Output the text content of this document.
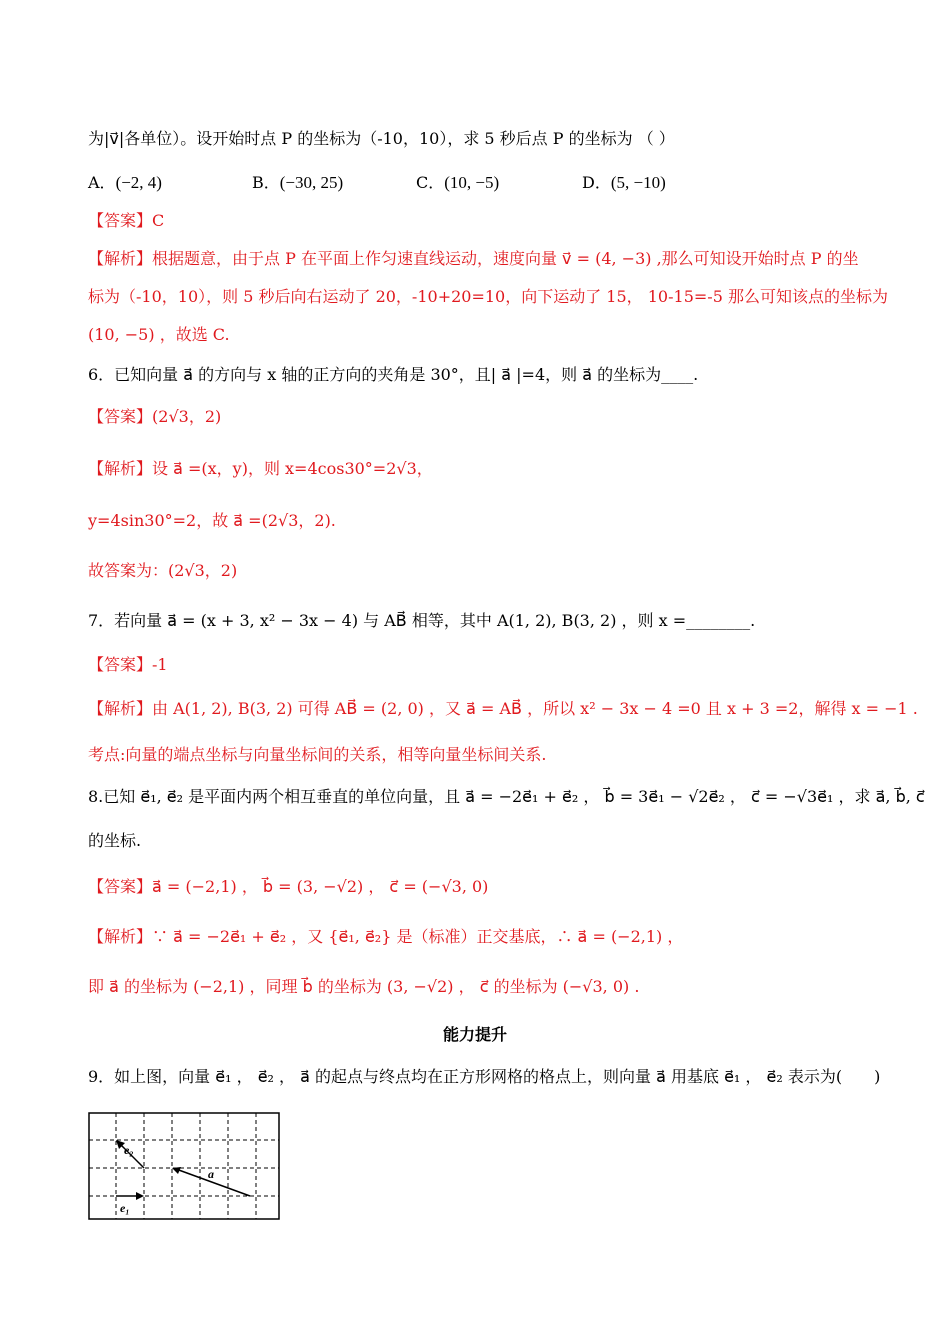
为|v⃗|各单位）。设开始时点 P 的坐标为（-10，10），求 5 秒后点 P 的坐标为 （ ）
A．(−2, 4)	B．(−30, 25)	C．(10, −5)	D．(5, −10)
【答案】C
【解析】根据题意，由于点 P 在平面上作匀速直线运动，速度向量 v⃗ = (4, −3) ,那么可知设开始时点 P 的坐
标为（-10，10），则 5 秒后向右运动了 20，-10+20=10，向下运动了 15， 10-15=-5 那么可知该点的坐标为
(10, −5) ，故选 C.
6．已知向量 a⃗ 的方向与 x 轴的正方向的夹角是 30°，且| a⃗ |=4，则 a⃗ 的坐标为____.
【答案】(2√3，2)
【解析】设 a⃗ =(x，y)，则 x=4cos30°=2√3，
y=4sin30°=2，故 a⃗ =(2√3，2).
故答案为：(2√3，2)
7．若向量 a⃗ = (x + 3, x² − 3x − 4) 与 AB⃗ 相等，其中 A(1, 2), B(3, 2) ，则 x =________.
【答案】-1
【解析】由 A(1, 2), B(3, 2) 可得 AB⃗ = (2, 0) ，又 a⃗ = AB⃗ ，所以 x² − 3x − 4 =0 且 x + 3 =2，解得 x = −1 .
考点:向量的端点坐标与向量坐标间的关系，相等向量坐标间关系.
8.已知 e⃗₁, e⃗₂ 是平面内两个相互垂直的单位向量，且 a⃗ = −2e⃗₁ + e⃗₂ ， b⃗ = 3e⃗₁ − √2e⃗₂ ， c⃗ = −√3e⃗₁ ，求 a⃗, b⃗, c⃗
的坐标.
【答案】a⃗ = (−2,1) ， b⃗ = (3, −√2) ， c⃗ = (−√3, 0)
【解析】∵ a⃗ = −2e⃗₁ + e⃗₂ ，又 {e⃗₁, e⃗₂} 是（标准）正交基底，∴ a⃗ = (−2,1) ，
即 a⃗ 的坐标为 (−2,1) ，同理 b⃗ 的坐标为 (3, −√2) ， c⃗ 的坐标为 (−√3, 0) .
能力提升
9．如上图，向量 e⃗₁ ， e⃗₂ ， a⃗ 的起点与终点均在正方形网格的格点上，则向量 a⃗ 用基底 e⃗₁ ， e⃗₂ 表示为(　　)
e₂
a
e₁
